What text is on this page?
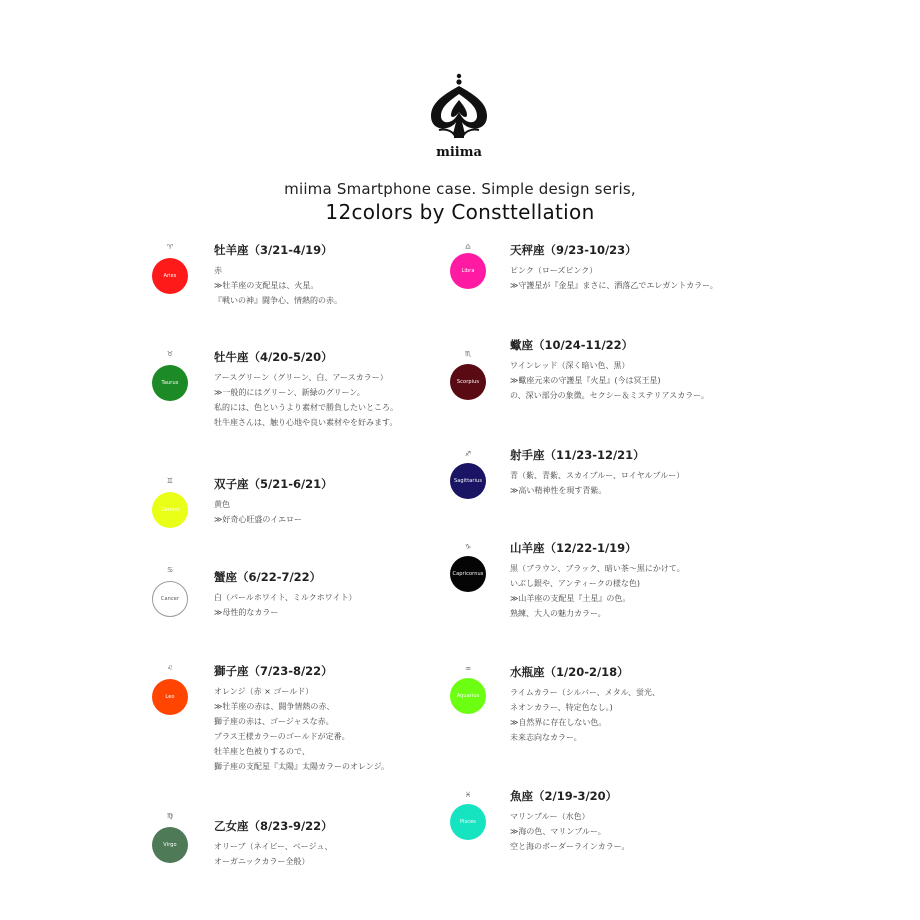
miima
miima Smartphone case. Simple design seris,
12colors by Consttellation
♈
Aries
牡羊座（3/21-4/19）
赤
≫牡羊座の支配星は、火星。
『戦いの神』闘争心、情熱的の赤。
♉
Taurus
牡牛座（4/20-5/20）
アースグリーン（グリーン、白、アースカラー）
≫一般的にはグリーン、新緑のグリーン。
私的には、色というより素材で勝負したいところ。
牡牛座さんは、触り心地や良い素材やを好みます。
♊
Gemini
双子座（5/21-6/21）
黄色
≫好奇心旺盛のイエロー
♋
Cancer
蟹座（6/22-7/22）
白（パールホワイト、ミルクホワイト）
≫母性的なカラー
♌
Leo
獅子座（7/23-8/22）
オレンジ（赤 × ゴールド）
≫牡羊座の赤は、闘争情熱の赤、
獅子座の赤は、ゴージャスな赤。
プラス王様カラーのゴールドが定番。
牡羊座と色被りするので、
獅子座の支配星『太陽』太陽カラーのオレンジ。
♍
Virgo
乙女座（8/23-9/22）
オリーブ（ネイビー、ベージュ、
オーガニックカラー全般）
♎
Libra
天秤座（9/23-10/23）
ピンク（ローズピンク）
≫守護星が『金星』まさに、洒落乙でエレガントカラー。
♏
Scorpius
蠍座（10/24-11/22）
ワインレッド（深く暗い色、黒）
≫蠍座元来の守護星『火星』(今は冥王星)
の、深い部分の象徴。セクシー＆ミステリアスカラー。
♐
Sagittarius
射手座（11/23-12/21）
青（紫、青紫、スカイブルー、ロイヤルブルー）
≫高い精神性を現す青紫。
♑
Capricornus
山羊座（12/22-1/19）
黒（ブラウン、ブラック、暗い茶〜黒にかけて。
いぶし銀や、アンティークの様な色)
≫山羊座の支配星『土星』の色。
熟練、大人の魅力カラー。
♒
Aquarius
水瓶座（1/20-2/18）
ライムカラー（シルバー、メタル、蛍光、
ネオンカラー、特定色なし。)
≫自然界に存在しない色。
未来志向なカラー。
♓
Pisces
魚座（2/19-3/20）
マリンブルー（水色）
≫海の色、マリンブルー。
空と海のボーダーラインカラー。
